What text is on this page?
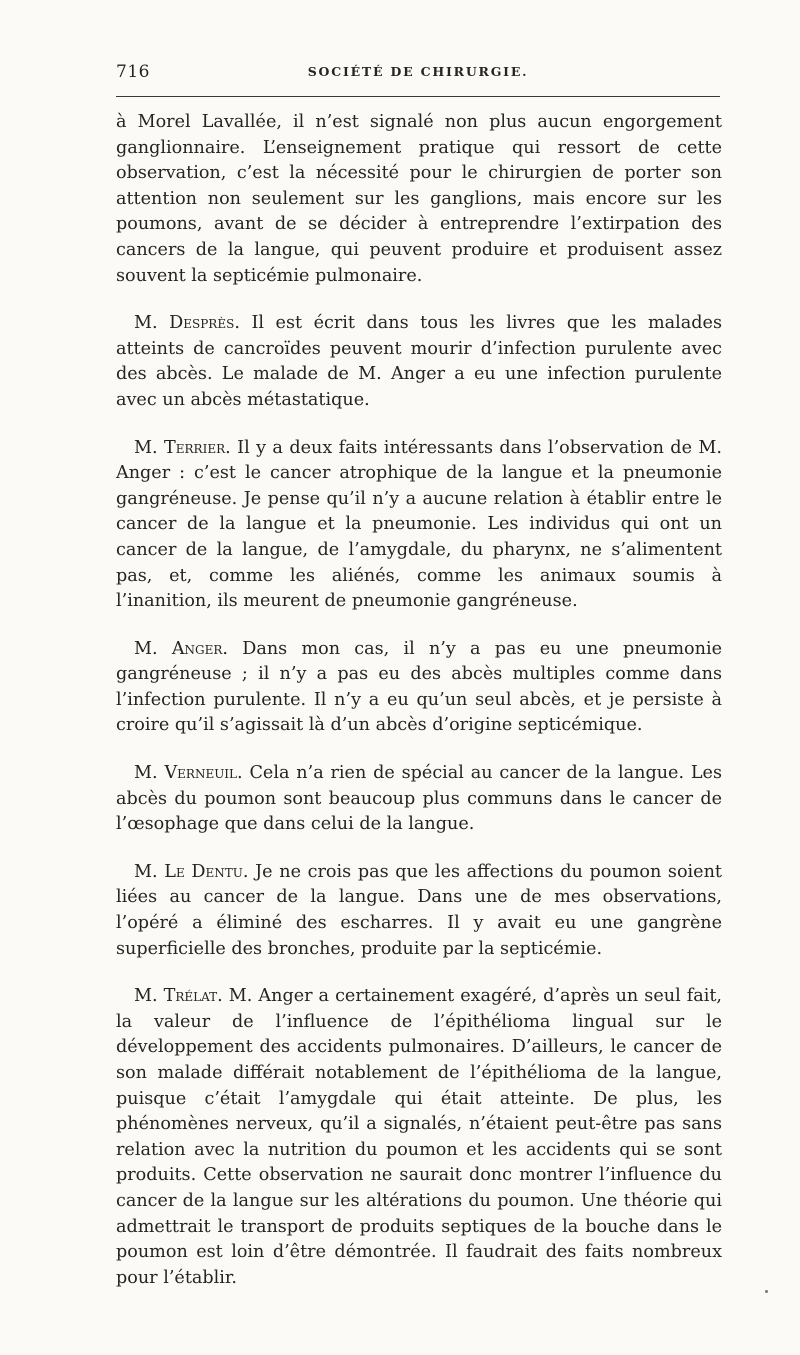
716	SOCIÉTÉ DE CHIRURGIE.

à Morel Lavallée, il n’est signalé non plus aucun engorgement ganglionnaire. L’enseignement pratique qui ressort de cette observation, c’est la nécessité pour le chirurgien de porter son attention non seulement sur les ganglions, mais encore sur les poumons, avant de se décider à entreprendre l’extirpation des cancers de la langue, qui peuvent produire et produisent assez souvent la septicémie pulmonaire.

M. Desprès. Il est écrit dans tous les livres que les malades atteints de cancroïdes peuvent mourir d’infection purulente avec des abcès. Le malade de M. Anger a eu une infection purulente avec un abcès métastatique.

M. Terrier. Il y a deux faits intéressants dans l’observation de M. Anger : c’est le cancer atrophique de la langue et la pneumonie gangréneuse. Je pense qu’il n’y a aucune relation à établir entre le cancer de la langue et la pneumonie. Les individus qui ont un cancer de la langue, de l’amygdale, du pharynx, ne s’alimentent pas, et, comme les aliénés, comme les animaux soumis à l’inanition, ils meurent de pneumonie gangréneuse.

M. Anger. Dans mon cas, il n’y a pas eu une pneumonie gangréneuse ; il n’y a pas eu des abcès multiples comme dans l’infection purulente. Il n’y a eu qu’un seul abcès, et je persiste à croire qu’il s’agissait là d’un abcès d’origine septicémique.

M. Verneuil. Cela n’a rien de spécial au cancer de la langue. Les abcès du poumon sont beaucoup plus communs dans le cancer de l’œsophage que dans celui de la langue.

M. Le Dentu. Je ne crois pas que les affections du poumon soient liées au cancer de la langue. Dans une de mes observations, l’opéré a éliminé des escharres. Il y avait eu une gangrène superficielle des bronches, produite par la septicémie.

M. Trélat. M. Anger a certainement exagéré, d’après un seul fait, la valeur de l’influence de l’épithélioma lingual sur le développement des accidents pulmonaires. D’ailleurs, le cancer de son malade différait notablement de l’épithélioma de la langue, puisque c’était l’amygdale qui était atteinte. De plus, les phénomènes nerveux, qu’il a signalés, n’étaient peut-être pas sans relation avec la nutrition du poumon et les accidents qui se sont produits. Cette observation ne saurait donc montrer l’influence du cancer de la langue sur les altérations du poumon. Une théorie qui admettrait le transport de produits septiques de la bouche dans le poumon est loin d’être démontrée. Il faudrait des faits nombreux pour l’établir.
